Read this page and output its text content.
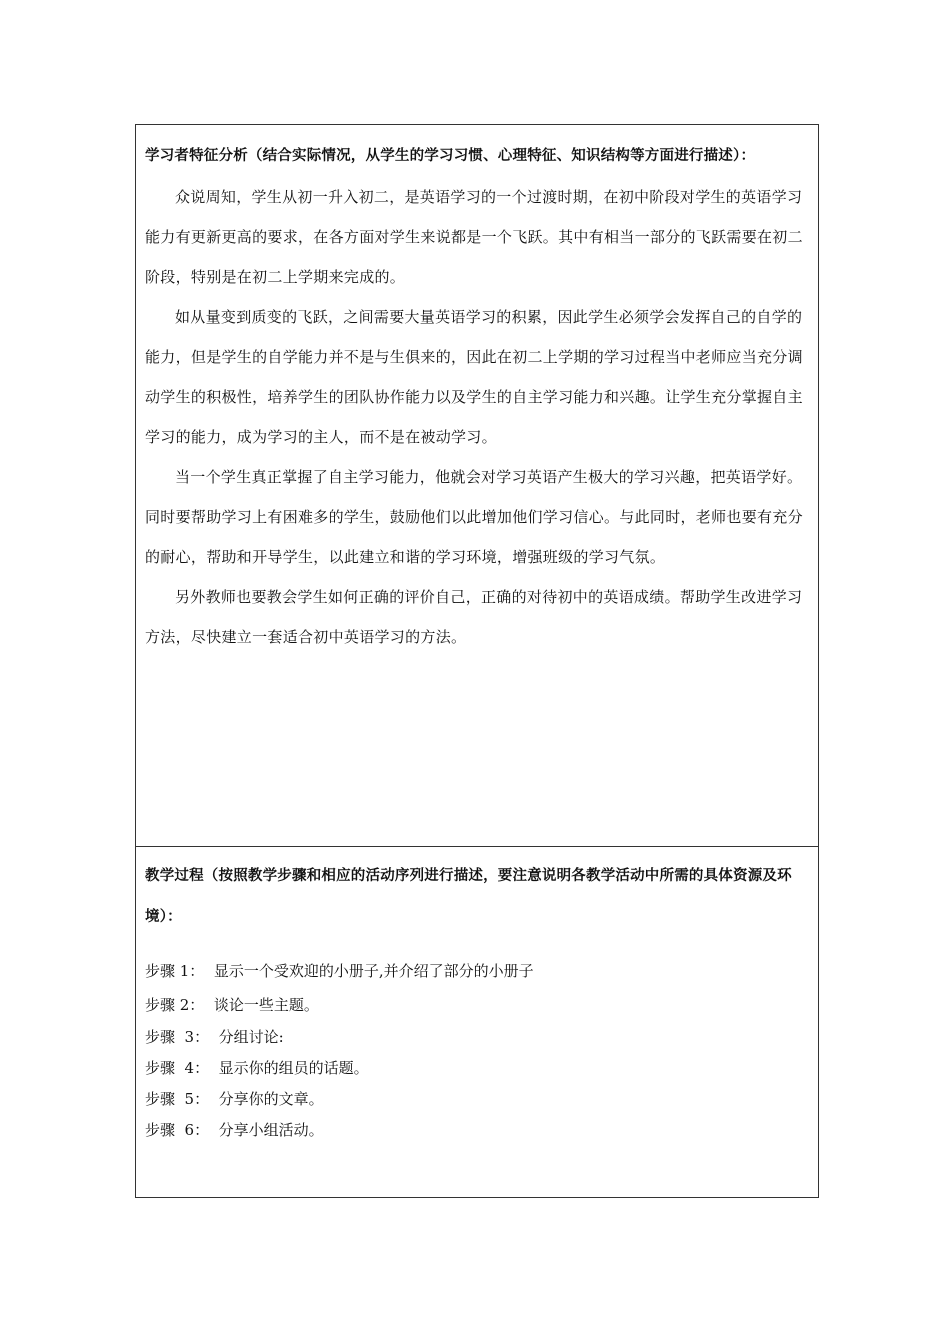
学习者特征分析（结合实际情况，从学生的学习习惯、心理特征、知识结构等方面进行描述）：

众说周知，学生从初一升入初二，是英语学习的一个过渡时期，在初中阶段对学生的英语学习能力有更新更高的要求，在各方面对学生来说都是一个飞跃。其中有相当一部分的飞跃需要在初二阶段，特别是在初二上学期来完成的。

如从量变到质变的飞跃，之间需要大量英语学习的积累，因此学生必须学会发挥自己的自学的能力，但是学生的自学能力并不是与生俱来的，因此在初二上学期的学习过程当中老师应当充分调动学生的积极性，培养学生的团队协作能力以及学生的自主学习能力和兴趣。让学生充分掌握自主学习的能力，成为学习的主人，而不是在被动学习。

当一个学生真正掌握了自主学习能力，他就会对学习英语产生极大的学习兴趣，把英语学好。同时要帮助学习上有困难多的学生，鼓励他们以此增加他们学习信心。与此同时，老师也要有充分的耐心，帮助和开导学生，以此建立和谐的学习环境，增强班级的学习气氛。

另外教师也要教会学生如何正确的评价自己，正确的对待初中的英语成绩。帮助学生改进学习方法，尽快建立一套适合初中英语学习的方法。

教学过程（按照教学步骤和相应的活动序列进行描述，要注意说明各教学活动中所需的具体资源及环境）：

步骤 1：  显示一个受欢迎的小册子,并介绍了部分的小册子

步骤 2：  谈论一些主题。

步骤  3：  分组讨论:

步骤  4：  显示你的组员的话题。

步骤  5：  分享你的文章。

步骤  6：  分享小组活动。
